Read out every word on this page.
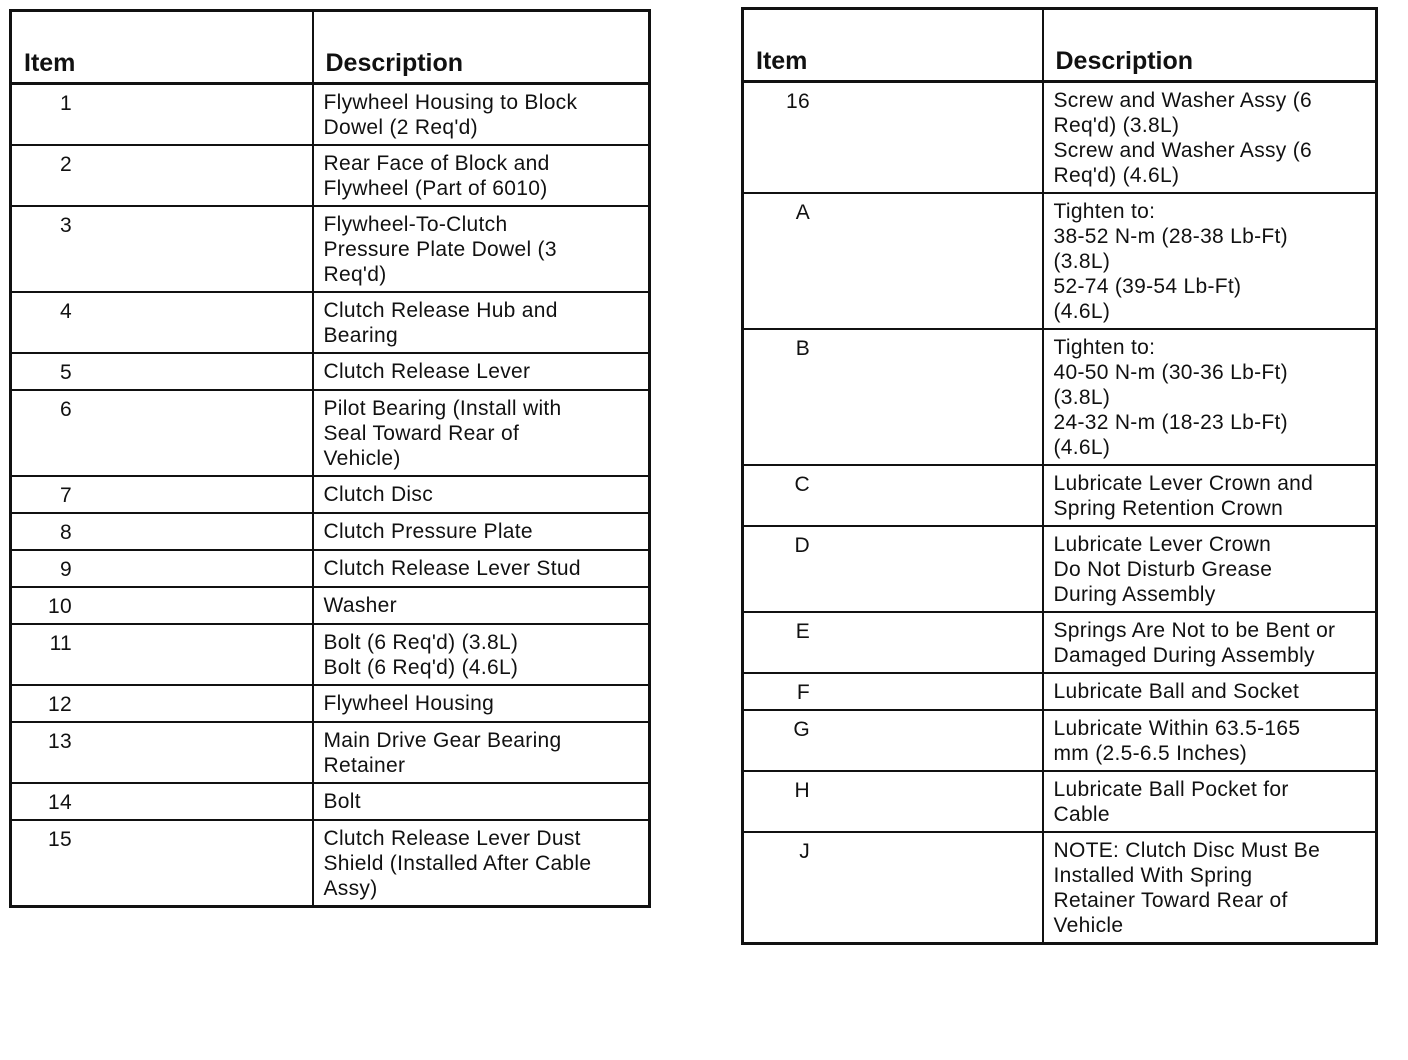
Item	Description

1	Flywheel Housing to Block
Dowel (2 Req'd)

2	Rear Face of Block and
Flywheel (Part of 6010)

3	Flywheel-To-Clutch
Pressure Plate Dowel (3
Req'd)

4	Clutch Release Hub and
Bearing

5	Clutch Release Lever

6	Pilot Bearing (Install with
Seal Toward Rear of
Vehicle)

7	Clutch Disc

8	Clutch Pressure Plate

9	Clutch Release Lever Stud

10	Washer

11	Bolt (6 Req'd) (3.8L)
Bolt (6 Req'd) (4.6L)

12	Flywheel Housing

13	Main Drive Gear Bearing
Retainer

14	Bolt

15	Clutch Release Lever Dust
Shield (Installed After Cable
Assy)
Item	Description

16	Screw and Washer Assy (6
Req'd) (3.8L)
Screw and Washer Assy (6
Req'd) (4.6L)

A	Tighten to:
38-52 N-m (28-38 Lb-Ft)
(3.8L)
52-74 (39-54 Lb-Ft)
(4.6L)

B	Tighten to:
40-50 N-m (30-36 Lb-Ft)
(3.8L)
24-32 N-m (18-23 Lb-Ft)
(4.6L)

C	Lubricate Lever Crown and
Spring Retention Crown

D	Lubricate Lever Crown
Do Not Disturb Grease
During Assembly

E	Springs Are Not to be Bent or
Damaged During Assembly

F	Lubricate Ball and Socket

G	Lubricate Within 63.5-165
mm (2.5-6.5 Inches)

H	Lubricate Ball Pocket for
Cable

J	NOTE: Clutch Disc Must Be
Installed With Spring
Retainer Toward Rear of
Vehicle
